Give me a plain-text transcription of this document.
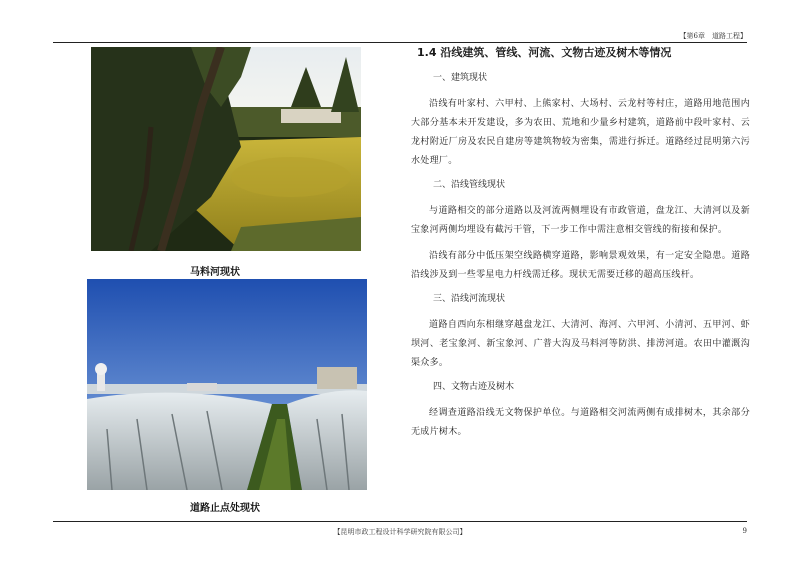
【第6章　道路工程】
马料河现状
道路止点处现状
1.4 沿线建筑、管线、河流、文物古迹及树木等情况
一、建筑现状

沿线有叶家村、六甲村、上熊家村、大场村、云龙村等村庄，道路用地范围内大部分基本未开发建设，多为农田、荒地和少量乡村建筑，道路前中段叶家村、云龙村附近厂房及农民自建房等建筑物较为密集，需进行拆迁。道路经过昆明第六污水处理厂。

二、沿线管线现状

与道路相交的部分道路以及河流两侧埋设有市政管道，盘龙江、大清河以及新宝象河两侧均埋设有截污干管，下一步工作中需注意相交管线的衔接和保护。

沿线有部分中低压架空线路横穿道路，影响景观效果，有一定安全隐患。道路沿线涉及到一些零星电力杆线需迁移。现状无需要迁移的超高压线杆。

三、沿线河流现状

道路自西向东相继穿越盘龙江、大清河、海河、六甲河、小清河、五甲河、虾坝河、老宝象河、新宝象河、广普大沟及马料河等防洪、排涝河道。农田中灌溉沟渠众多。

四、文物古迹及树木

经调查道路沿线无文物保护单位。与道路相交河流两侧有成排树木，其余部分无成片树木。

【昆明市政工程设计科学研究院有限公司】	9
